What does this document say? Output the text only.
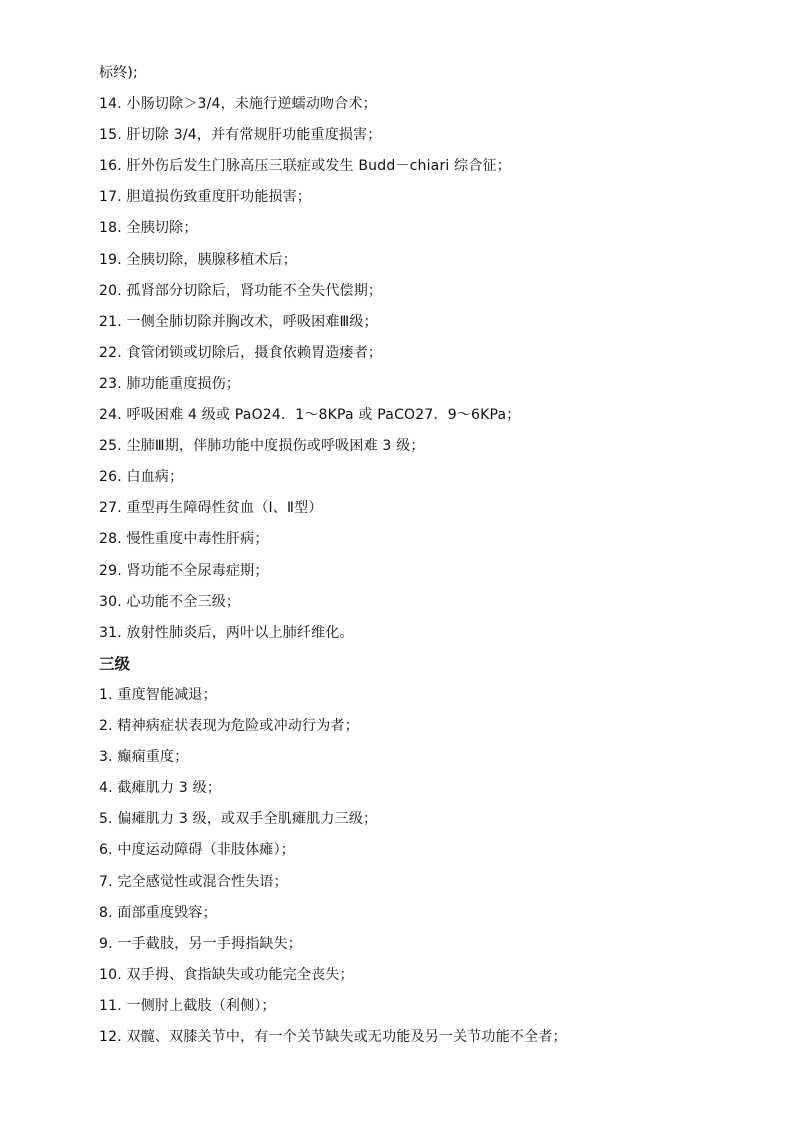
标终);
14. 小肠切除＞3/4，未施行逆蠕动吻合术；
15. 肝切除 3/4，并有常规肝功能重度损害；
16. 肝外伤后发生门脉高压三联症或发生 Budd－chiari 综合征；
17. 胆道损伤致重度肝功能损害；
18. 全胰切除；
19. 全胰切除，胰腺移植术后；
20. 孤肾部分切除后，肾功能不全失代偿期；
21. 一侧全肺切除并胸改术，呼吸困难Ⅲ级；
22. 食管闭锁或切除后，摄食依赖胃造瘘者；
23. 肺功能重度损伤；
24. 呼吸困难 4 级或 PaO24．1～8KPa 或 PaCO27．9～6KPa；
25. 尘肺Ⅲ期，伴肺功能中度损伤或呼吸困难 3 级；
26. 白血病；
27. 重型再生障碍性贫血（I、Ⅱ型）
28. 慢性重度中毒性肝病；
29. 肾功能不全尿毒症期；
30. 心功能不全三级；
31. 放射性肺炎后，两叶以上肺纤维化。
三级
1. 重度智能减退；
2. 精神病症状表现为危险或冲动行为者；
3. 癫痫重度；
4. 截瘫肌力 3 级；
5. 偏瘫肌力 3 级，或双手全肌瘫肌力三级；
6. 中度运动障碍（非肢体瘫）；
7. 完全感觉性或混合性失语；
8. 面部重度毁容；
9. 一手截肢，另一手拇指缺失；
10. 双手拇、食指缺失或功能完全丧失；
11. 一侧肘上截肢（利侧）；
12. 双髋、双膝关节中，有一个关节缺失或无功能及另一关节功能不全者；
